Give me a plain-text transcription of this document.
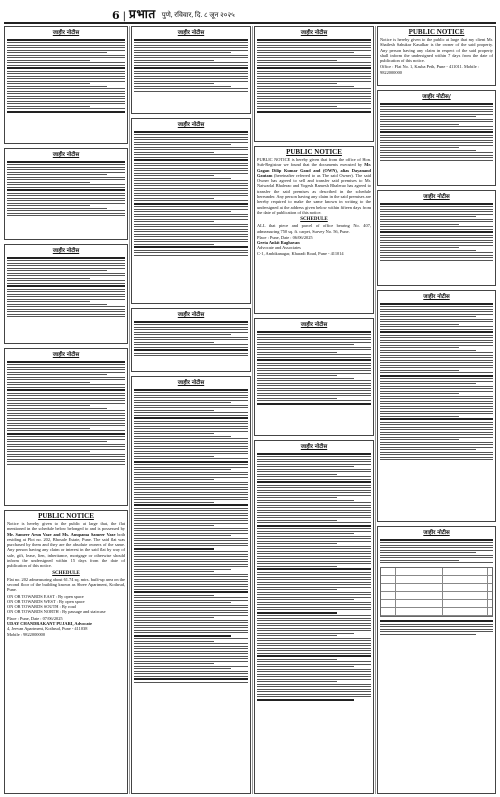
6 | प्रभात पुणे, रविवार, दि. ८ जून २०२५
जाहीर नोटीस
जाहीर नोटीस
जाहीर नोटीस
जाहीर नोटीस
PUBLIC NOTICE
Notice is hereby given to the public at large that, the flat mentioned in the schedule below belonged to and is possessed by Mr. Sameer Arun Vaze and Ms. Anupama Sameer Vaze both residing at Plot no. 202, Bhosale Estate, Pune. The said flat was purchased by them and they are the absolute owners of the same. Any person having any claim or interest in the said flat by way of sale, gift, lease, lien, inheritance, mortgage or otherwise should inform the undersigned within 15 days from the date of publication of this notice.
SCHEDULE
Flat no. 202 admeasuring about 61.74 sq. mtrs. built-up area on the second floor of the building known as Shree Apartment, Kothrud, Pune.
ON OR TOWARDS EAST : By open space
ON OR TOWARDS WEST : By open space
ON OR TOWARDS SOUTH : By road
ON OR TOWARDS NORTH : By passage and staircase
Place : Pune, Date : 07/06/2025
UDAY CHANDRAKANT PUJARI, Advocate
4, Jeevan Apartment, Kothrud, Pune - 411038
Mobile : 9822000000
जाहीर नोटीस
जाहीर नोटीस
जाहीर नोटीस
जाहीर नोटीस
जाहीर नोटीस
PUBLIC NOTICE
PUBLIC NOTICE is hereby given that from the office of Hon. Sub-Registrar we found that the documents executed by Mr. Gagan Dilip Kumar Gaud and (OWN), alias Dayanand Gautam (hereinafter referred to as The said Owner). The said Owner has agreed to sell and transfer said premises to Mr. Natwarlal Bhalerao and Yogesh Ramesh Bhalerao has agreed to transfer the said premises as described in the schedule hereunder. Any person having any claim in the said premises are hereby required to make the same known in writing to the undersigned at the address given below within fifteen days from the date of publication of this notice.
SCHEDULE
ALL that piece and parcel of office bearing No. 407, admeasuring 750 sq. ft. carpet, Survey No. 56, Pune.
Place : Pune, Date : 06/06/2025
Geeta Ankit Raghavan
Advocate and Associates
C-1, Ambikanagar, Kharadi Road, Pune - 411014
जाहीर नोटीस
जाहीर नोटीस
PUBLIC NOTICE
Notice is hereby given to the public at large that my client Mr. Shailesh Sahukar Kasalkar is the owner of the said property. Any person having any claim in respect of the said property shall inform the undersigned within 7 days from the date of publication of this notice.
Office : Flat No. 1, Kasba Peth, Pune - 411011. Mobile : 9822000000
जाहीर नोटीस/
जाहीर नोटीस
जाहीर नोटीस
जाहीर नोटीस
